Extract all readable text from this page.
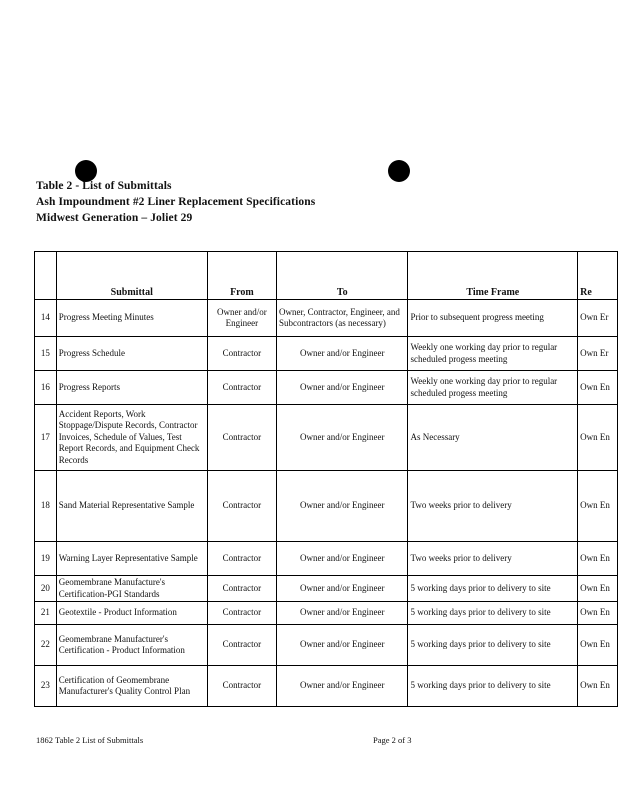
Table 2 - List of Submittals
Ash Impoundment #2 Liner Replacement Specifications
Midwest Generation – Joliet 29
	Submittal	From	To	Time Frame	Re
14	Progress Meeting Minutes	Owner and/or Engineer	Owner, Contractor, Engineer, and Subcontractors (as necessary)	Prior to subsequent progress meeting	Own Er
15	Progress Schedule	Contractor	Owner and/or Engineer	Weekly one working day prior to regular scheduled progess meeting	Own Er
16	Progress Reports	Contractor	Owner and/or Engineer	Weekly one working day prior to regular scheduled progess meeting	Own En
17	Accident Reports, Work Stoppage/Dispute Records, Contractor Invoices, Schedule of Values, Test Report Records, and Equipment Check Records	Contractor	Owner and/or Engineer	As Necessary	Own En
18	Sand Material Representative Sample	Contractor	Owner and/or Engineer	Two weeks prior to delivery	Own En
19	Warning Layer Representative Sample	Contractor	Owner and/or Engineer	Two weeks prior to delivery	Own En
20	Geomembrane Manufacture's Certification-PGI Standards	Contractor	Owner and/or Engineer	5 working days prior to delivery to site	Own En
21	Geotextile - Product Information	Contractor	Owner and/or Engineer	5 working days prior to delivery to site	Own En
22	Geomembrane Manufacturer's Certification - Product Information	Contractor	Owner and/or Engineer	5 working days prior to delivery to site	Own En
23	Certification of Geomembrane Manufacturer's Quality Control Plan	Contractor	Owner and/or Engineer	5 working days prior to delivery to site	Own En
1862 Table 2 List of Submittals	Page 2 of 3
